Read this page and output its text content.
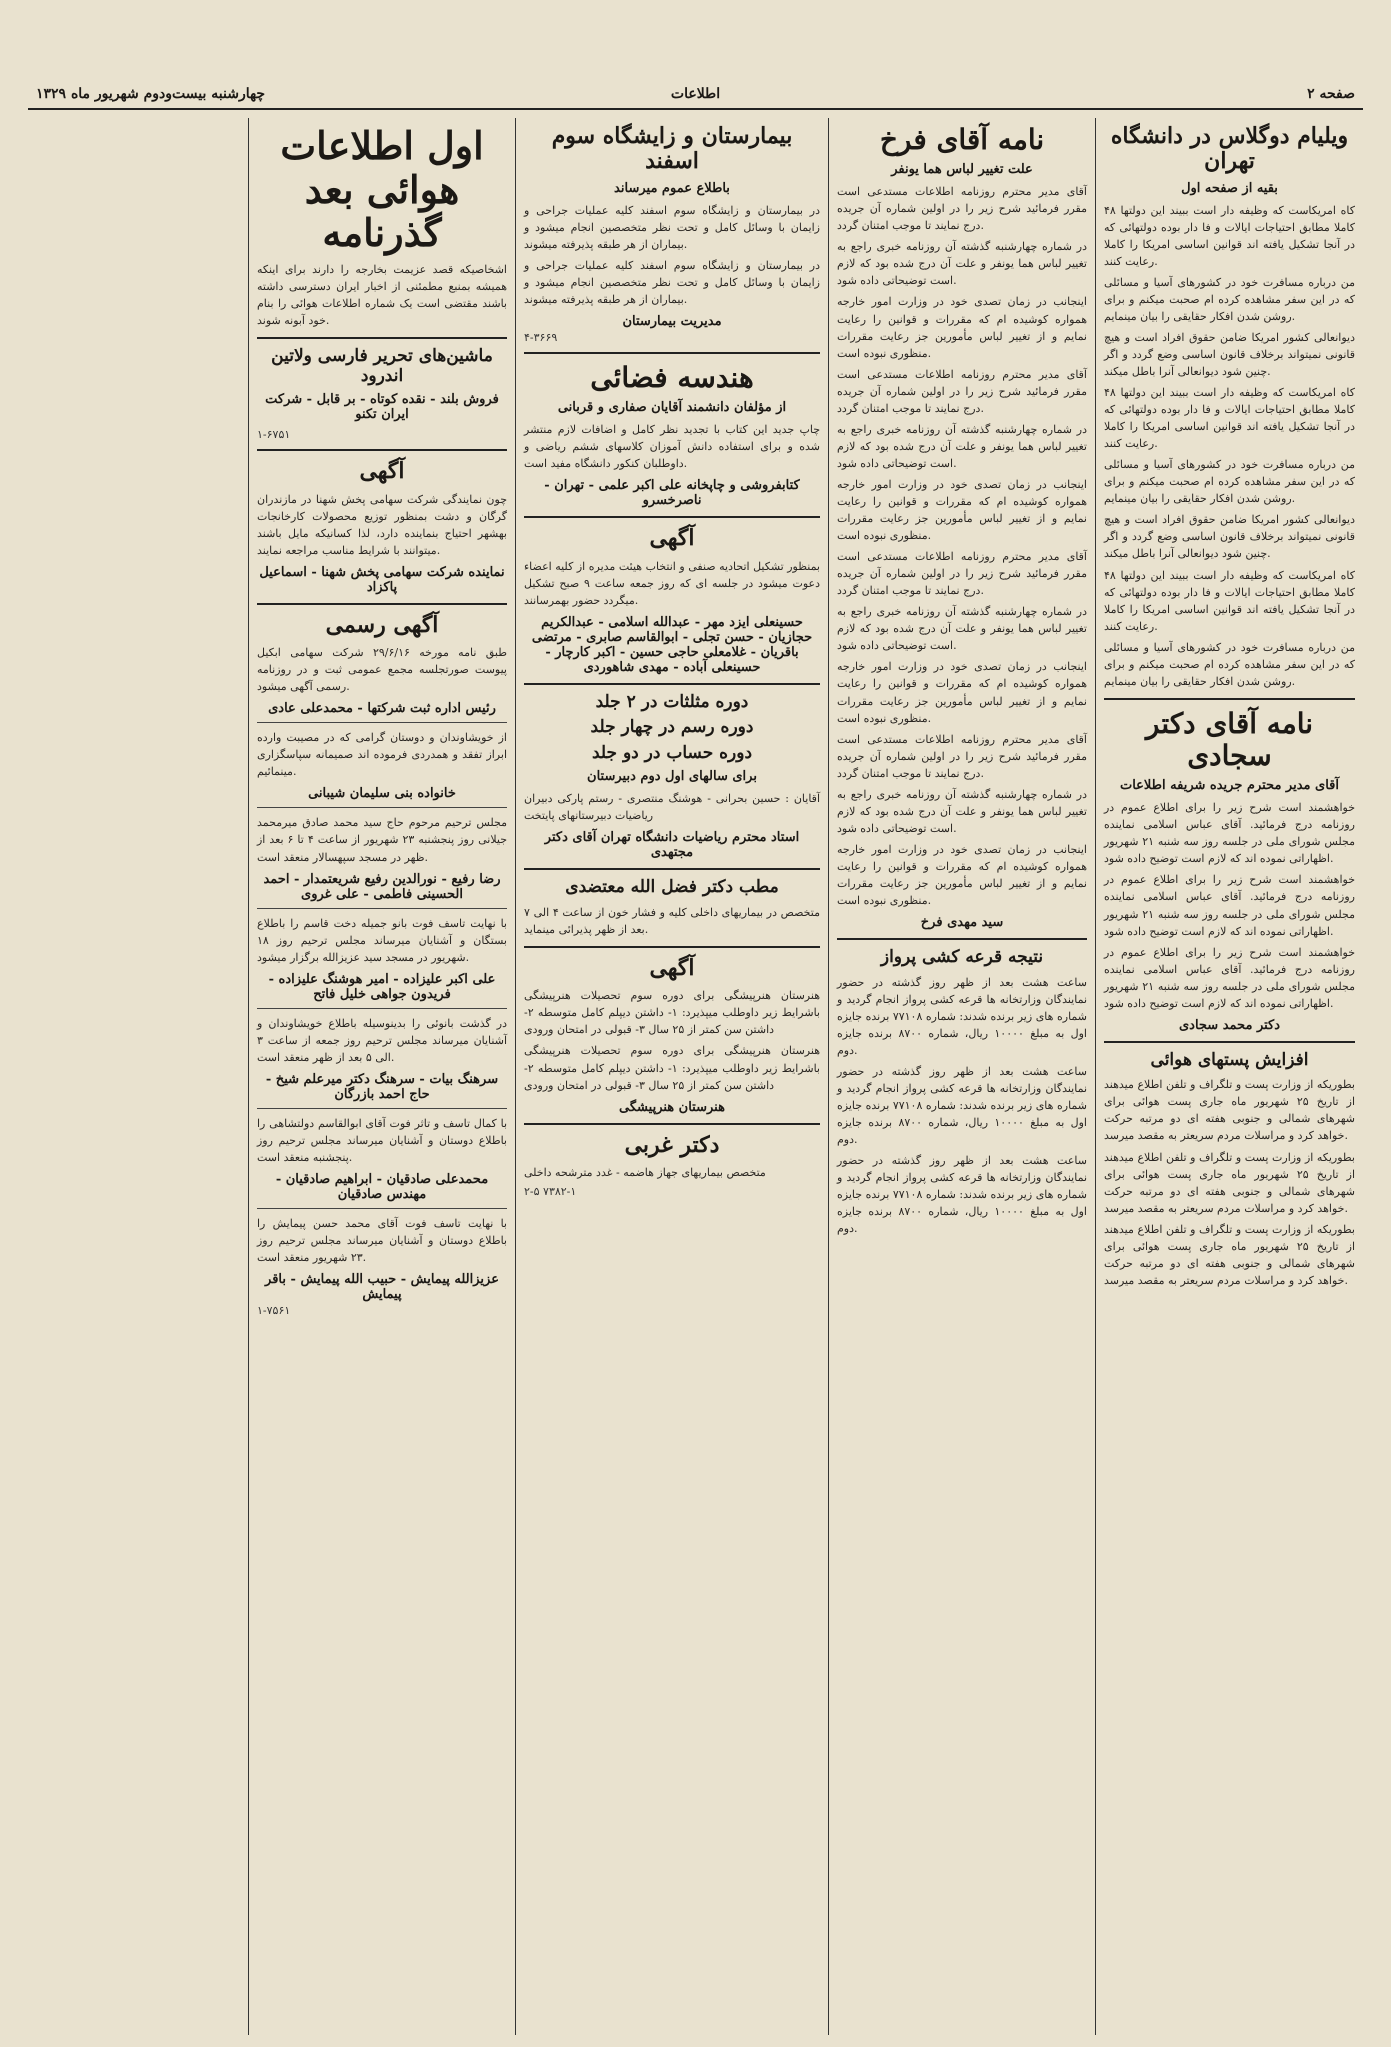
صفحه ۲
اطلاعات
چهارشنبه بیست‌ودوم شهریور ماه ۱۳۲۹
ویلیام دوگلاس در دانشگاه تهران
بقیه از صفحه اول

۴۸ کاه امریکاست که وظیفه دار است ببیند این دولتها کاملا مطابق احتیاجات ایالات و فا دار بوده دولتهائی که در آنجا تشکیل یافته اند قوانین اساسی امریکا را کاملا رعایت کنند.

من درباره مسافرت خود در کشورهای آسیا و مسائلی که در این سفر مشاهده کرده ام صحبت میکنم و برای روشن شدن افکار حقایقی را بیان مینمایم.

دیوانعالی کشور امریکا ضامن حقوق افراد است و هیچ قانونی نمیتواند برخلاف قانون اساسی وضع گردد و اگر چنین شود دیوانعالی آنرا باطل میکند.

۴۸ کاه امریکاست که وظیفه دار است ببیند این دولتها کاملا مطابق احتیاجات ایالات و فا دار بوده دولتهائی که در آنجا تشکیل یافته اند قوانین اساسی امریکا را کاملا رعایت کنند.

من درباره مسافرت خود در کشورهای آسیا و مسائلی که در این سفر مشاهده کرده ام صحبت میکنم و برای روشن شدن افکار حقایقی را بیان مینمایم.

دیوانعالی کشور امریکا ضامن حقوق افراد است و هیچ قانونی نمیتواند برخلاف قانون اساسی وضع گردد و اگر چنین شود دیوانعالی آنرا باطل میکند.

۴۸ کاه امریکاست که وظیفه دار است ببیند این دولتها کاملا مطابق احتیاجات ایالات و فا دار بوده دولتهائی که در آنجا تشکیل یافته اند قوانین اساسی امریکا را کاملا رعایت کنند.

من درباره مسافرت خود در کشورهای آسیا و مسائلی که در این سفر مشاهده کرده ام صحبت میکنم و برای روشن شدن افکار حقایقی را بیان مینمایم.

نامه آقای دکتر سجادی
آقای مدیر محترم جریده شریفه اطلاعات

خواهشمند است شرح زیر را برای اطلاع عموم در روزنامه درج فرمائید. آقای عباس اسلامی نماینده مجلس شورای ملی در جلسه روز سه شنبه ۲۱ شهریور اظهاراتی نموده اند که لازم است توضیح داده شود.

خواهشمند است شرح زیر را برای اطلاع عموم در روزنامه درج فرمائید. آقای عباس اسلامی نماینده مجلس شورای ملی در جلسه روز سه شنبه ۲۱ شهریور اظهاراتی نموده اند که لازم است توضیح داده شود.

خواهشمند است شرح زیر را برای اطلاع عموم در روزنامه درج فرمائید. آقای عباس اسلامی نماینده مجلس شورای ملی در جلسه روز سه شنبه ۲۱ شهریور اظهاراتی نموده اند که لازم است توضیح داده شود.

دکتر محمد سجادی
افزایش پستهای هوائی

بطوریکه از وزارت پست و تلگراف و تلفن اطلاع میدهند از تاریخ ۲۵ شهریور ماه جاری پست هوائی برای شهرهای شمالی و جنوبی هفته ای دو مرتبه حرکت خواهد کرد و مراسلات مردم سریعتر به مقصد میرسد.

بطوریکه از وزارت پست و تلگراف و تلفن اطلاع میدهند از تاریخ ۲۵ شهریور ماه جاری پست هوائی برای شهرهای شمالی و جنوبی هفته ای دو مرتبه حرکت خواهد کرد و مراسلات مردم سریعتر به مقصد میرسد.

بطوریکه از وزارت پست و تلگراف و تلفن اطلاع میدهند از تاریخ ۲۵ شهریور ماه جاری پست هوائی برای شهرهای شمالی و جنوبی هفته ای دو مرتبه حرکت خواهد کرد و مراسلات مردم سریعتر به مقصد میرسد.

نامه آقای فرخ
علت تغییر لباس هما یونفر

آقای مدیر محترم روزنامه اطلاعات مستدعی است مقرر فرمائید شرح زیر را در اولین شماره آن جریده درج نمایند تا موجب امتنان گردد.

در شماره چهارشنبه گذشته آن روزنامه خبری راجع به تغییر لباس هما یونفر و علت آن درج شده بود که لازم است توضیحاتی داده شود.

اینجانب در زمان تصدی خود در وزارت امور خارجه همواره کوشیده ام که مقررات و قوانین را رعایت نمایم و از تغییر لباس مأمورین جز رعایت مقررات منظوری نبوده است.

آقای مدیر محترم روزنامه اطلاعات مستدعی است مقرر فرمائید شرح زیر را در اولین شماره آن جریده درج نمایند تا موجب امتنان گردد.

در شماره چهارشنبه گذشته آن روزنامه خبری راجع به تغییر لباس هما یونفر و علت آن درج شده بود که لازم است توضیحاتی داده شود.

اینجانب در زمان تصدی خود در وزارت امور خارجه همواره کوشیده ام که مقررات و قوانین را رعایت نمایم و از تغییر لباس مأمورین جز رعایت مقررات منظوری نبوده است.

آقای مدیر محترم روزنامه اطلاعات مستدعی است مقرر فرمائید شرح زیر را در اولین شماره آن جریده درج نمایند تا موجب امتنان گردد.

در شماره چهارشنبه گذشته آن روزنامه خبری راجع به تغییر لباس هما یونفر و علت آن درج شده بود که لازم است توضیحاتی داده شود.

اینجانب در زمان تصدی خود در وزارت امور خارجه همواره کوشیده ام که مقررات و قوانین را رعایت نمایم و از تغییر لباس مأمورین جز رعایت مقررات منظوری نبوده است.

آقای مدیر محترم روزنامه اطلاعات مستدعی است مقرر فرمائید شرح زیر را در اولین شماره آن جریده درج نمایند تا موجب امتنان گردد.

در شماره چهارشنبه گذشته آن روزنامه خبری راجع به تغییر لباس هما یونفر و علت آن درج شده بود که لازم است توضیحاتی داده شود.

اینجانب در زمان تصدی خود در وزارت امور خارجه همواره کوشیده ام که مقررات و قوانین را رعایت نمایم و از تغییر لباس مأمورین جز رعایت مقررات منظوری نبوده است.

سید مهدی فرخ
نتیجه قرعه کشی پرواز

ساعت هشت بعد از ظهر روز گذشته در حضور نمایندگان وزارتخانه ها قرعه کشی پرواز انجام گردید و شماره های زیر برنده شدند: شماره ۷۷۱۰۸ برنده جایزه اول به مبلغ ۱۰۰۰۰ ریال، شماره ۸۷۰۰ برنده جایزه دوم.

ساعت هشت بعد از ظهر روز گذشته در حضور نمایندگان وزارتخانه ها قرعه کشی پرواز انجام گردید و شماره های زیر برنده شدند: شماره ۷۷۱۰۸ برنده جایزه اول به مبلغ ۱۰۰۰۰ ریال، شماره ۸۷۰۰ برنده جایزه دوم.

ساعت هشت بعد از ظهر روز گذشته در حضور نمایندگان وزارتخانه ها قرعه کشی پرواز انجام گردید و شماره های زیر برنده شدند: شماره ۷۷۱۰۸ برنده جایزه اول به مبلغ ۱۰۰۰۰ ریال، شماره ۸۷۰۰ برنده جایزه دوم.

بیمارستان و زایشگاه سوم اسفند
باطلاع عموم میرساند

در بیمارستان و زایشگاه سوم اسفند کلیه عملیات جراحی و زایمان با وسائل کامل و تحت نظر متخصصین انجام میشود و بیماران از هر طبقه پذیرفته میشوند.

در بیمارستان و زایشگاه سوم اسفند کلیه عملیات جراحی و زایمان با وسائل کامل و تحت نظر متخصصین انجام میشود و بیماران از هر طبقه پذیرفته میشوند.

مدیریت بیمارستان
۴-۳۶۶۹
هندسه فضائی
از مؤلفان دانشمند آقایان صفاری و قربانی

چاپ جدید این کتاب با تجدید نظر کامل و اضافات لازم منتشر شده و برای استفاده دانش آموزان کلاسهای ششم ریاضی و داوطلبان کنکور دانشگاه مفید است.

کتابفروشی و چاپخانه علی اکبر علمی - تهران - ناصرخسرو
آگهی

بمنظور تشکیل اتحادیه صنفی و انتخاب هیئت مدیره از کلیه اعضاء دعوت میشود در جلسه ای که روز جمعه ساعت ۹ صبح تشکیل میگردد حضور بهمرسانند.

حسینعلی ایزد مهر - عبدالله اسلامی - عبدالکریم حجازیان - حسن تجلی - ابوالقاسم صابری - مرتضی باقریان - غلامعلی حاجی حسین - اکبر کارچار - حسینعلی آباده - مهدی شاهوردی
دوره مثلثات در ۲ جلد
دوره رسم در چهار جلد
دوره حساب در دو جلد
برای سالهای اول دوم دبیرستان

آقایان : حسین بحرانی - هوشنگ منتصری - رستم پارکی دبیران ریاضیات دبیرستانهای پایتخت

استاد محترم ریاضیات دانشگاه تهران آقای دکتر مجتهدی
مطب دکتر فضل الله معتضدی

متخصص در بیماریهای داخلی کلیه و فشار خون از ساعت ۴ الی ۷ بعد از ظهر پذیرائی مینماید.

آگهی

هنرستان هنرپیشگی برای دوره سوم تحصیلات هنرپیشگی باشرایط زیر داوطلب میپذیرد: ۱- داشتن دیپلم کامل متوسطه ۲- داشتن سن کمتر از ۲۵ سال ۳- قبولی در امتحان ورودی

هنرستان هنرپیشگی برای دوره سوم تحصیلات هنرپیشگی باشرایط زیر داوطلب میپذیرد: ۱- داشتن دیپلم کامل متوسطه ۲- داشتن سن کمتر از ۲۵ سال ۳- قبولی در امتحان ورودی

هنرستان هنرپیشگی
دکتر غربی

متخصص بیماریهای جهاز هاضمه - غدد مترشحه داخلی

۲-۵ ۷۳۸۲-۱
اول اطلاعات هوائی بعد گذرنامه

اشخاصیکه قصد عزیمت بخارجه را دارند برای اینکه همیشه بمنبع مطمئنی از اخبار ایران دسترسی داشته باشند مقتضی است یک شماره اطلاعات هوائی را بنام خود آبونه شوند.

ماشین‌های تحریر فارسی ولاتین اندرود
فروش بلند - نقده کوتاه - بر قابل - شرکت ایران تکنو
۱-۶۷۵۱
آگهی

چون نمایندگی شرکت سهامی پخش شهنا در مازندران گرگان و دشت بمنظور توزیع محصولات کارخانجات بهشهر احتیاج بنماینده دارد، لذا کسانیکه مایل باشند میتوانند با شرایط مناسب مراجعه نمایند.

نماینده شرکت سهامی پخش شهنا - اسماعیل پاکزاد
آگهی رسمی

طبق نامه مورخه ۲۹/۶/۱۶ شرکت سهامی ابکیل پیوست صورتجلسه مجمع عمومی ثبت و در روزنامه رسمی آگهی میشود.

رئیس اداره ثبت شرکتها - محمدعلی عادی

از خویشاوندان و دوستان گرامی که در مصیبت وارده ابراز تفقد و همدردی فرموده اند صمیمانه سپاسگزاری مینمائیم.

خانواده بنی سلیمان شیبانی

مجلس ترحیم مرحوم حاج سید محمد صادق میرمحمد جیلانی روز پنجشنبه ۲۳ شهریور از ساعت ۴ تا ۶ بعد از ظهر در مسجد سپهسالار منعقد است.

رضا رفیع - نورالدین رفیع شریعتمدار - احمد الحسینی فاطمی - علی غروی

با نهایت تاسف فوت بانو جمیله دخت قاسم را باطلاع بستگان و آشنایان میرساند مجلس ترحیم روز ۱۸ شهریور در مسجد سید عزیزالله برگزار میشود.

علی اکبر علیزاده - امیر هوشنگ علیزاده - فریدون جواهی خلیل فاتح

در گذشت بانوئی را بدینوسیله باطلاع خویشاوندان و آشنایان میرساند مجلس ترحیم روز جمعه از ساعت ۳ الی ۵ بعد از ظهر منعقد است.

سرهنگ بیات - سرهنگ دکتر میرعلم شیخ - حاج احمد بازرگان

با کمال تاسف و تاثر فوت آقای ابوالقاسم دولتشاهی را باطلاع دوستان و آشنایان میرساند مجلس ترحیم روز پنجشنبه منعقد است.

محمدعلی صادقیان - ابراهیم صادقیان - مهندس صادقیان

با نهایت تاسف فوت آقای محمد حسن پیمایش را باطلاع دوستان و آشنایان میرساند مجلس ترحیم روز ۲۳ شهریور منعقد است.

عزیزالله پیمایش - حبیب الله پیمایش - باقر پیمایش
۱-۷۵۶۱
